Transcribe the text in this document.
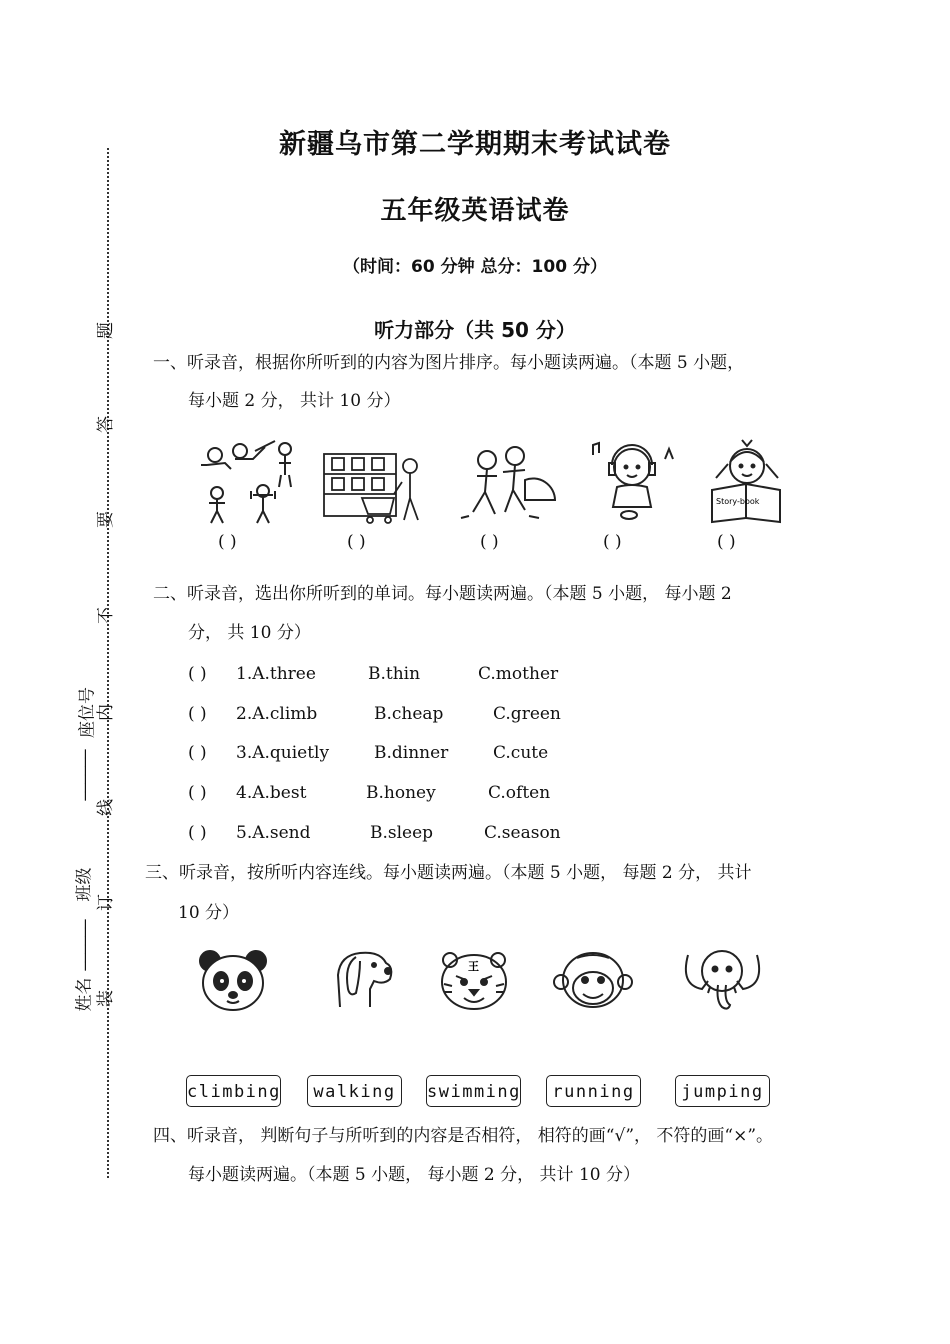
题
答
要
不
内
线
订
装
座位号
______
班级
______
姓名
新疆乌市第二学期期末考试试卷
五年级英语试卷
（时间：60 分钟 总分：100 分）
听力部分（共 50 分）
一、听录音，根据你所听到的内容为图片排序。每小题读两遍。（本题 5 小题，
每小题 2 分， 共计 10 分）
Story-book
( )	( )	( )	( )	( )
二、听录音，选出你所听到的单词。每小题读两遍。（本题 5 小题， 每小题 2
分， 共 10 分）
( ) 1.A.three	B.thin	C.mother
( ) 2.A.climb	B.cheap	C.green
( ) 3.A.quietly	B.dinner	C.cute
( ) 4.A.best	B.honey	C.often
( ) 5.A.send	B.sleep	C.season
三、听录音，按所听内容连线。每小题读两遍。（本题 5 小题， 每题 2 分， 共计
10 分）
王
climbing	walking	swimming	running	jumping
四、听录音， 判断句子与所听到的内容是否相符， 相符的画“√”， 不符的画“×”。
每小题读两遍。（本题 5 小题， 每小题 2 分， 共计 10 分）
